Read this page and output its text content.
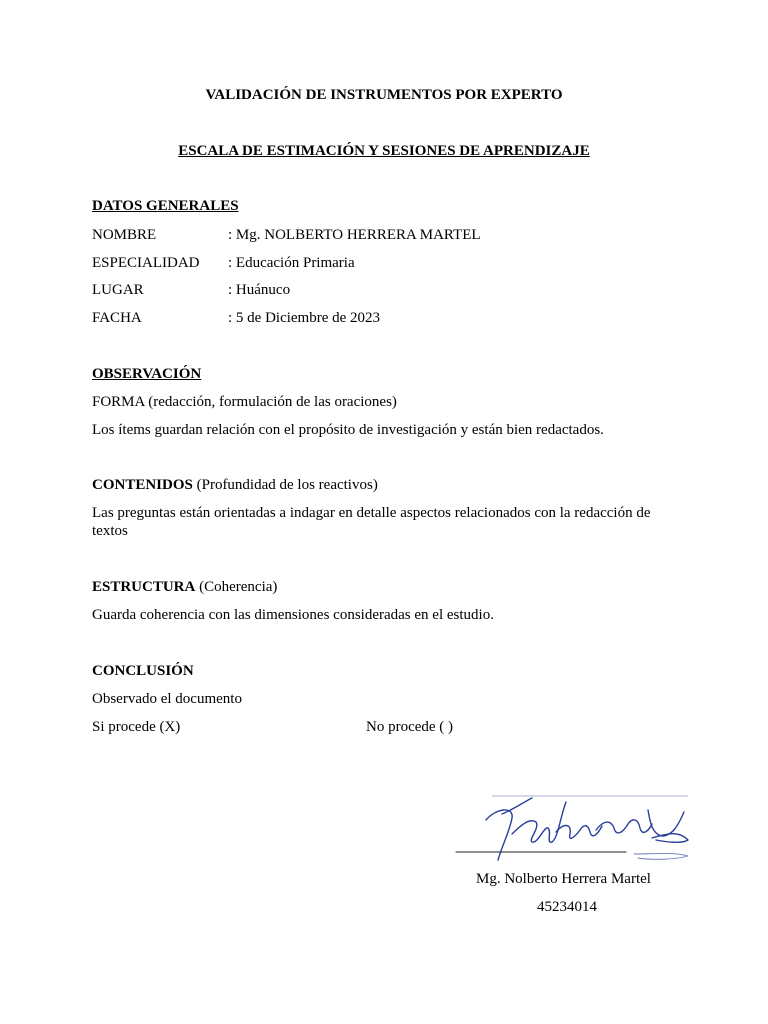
VALIDACIÓN DE INSTRUMENTOS POR EXPERTO
ESCALA DE ESTIMACIÓN Y SESIONES DE APRENDIZAJE
DATOS GENERALES
NOMBRE	: Mg. NOLBERTO HERRERA MARTEL
ESPECIALIDAD : Educación Primaria
LUGAR	: Huánuco
FACHA	: 5 de Diciembre de 2023
OBSERVACIÓN
FORMA (redacción, formulación de las oraciones)
Los ítems guardan relación con el propósito de investigación y están bien redactados.
CONTENIDOS (Profundidad de los reactivos)
Las preguntas están orientadas a indagar en detalle aspectos relacionados con la redacción de textos
ESTRUCTURA (Coherencia)
Guarda coherencia con las dimensiones consideradas en el estudio.
CONCLUSIÓN
Observado el documento
Si procede (X)	No procede ( )
Mg. Nolberto Herrera Martel
45234014
